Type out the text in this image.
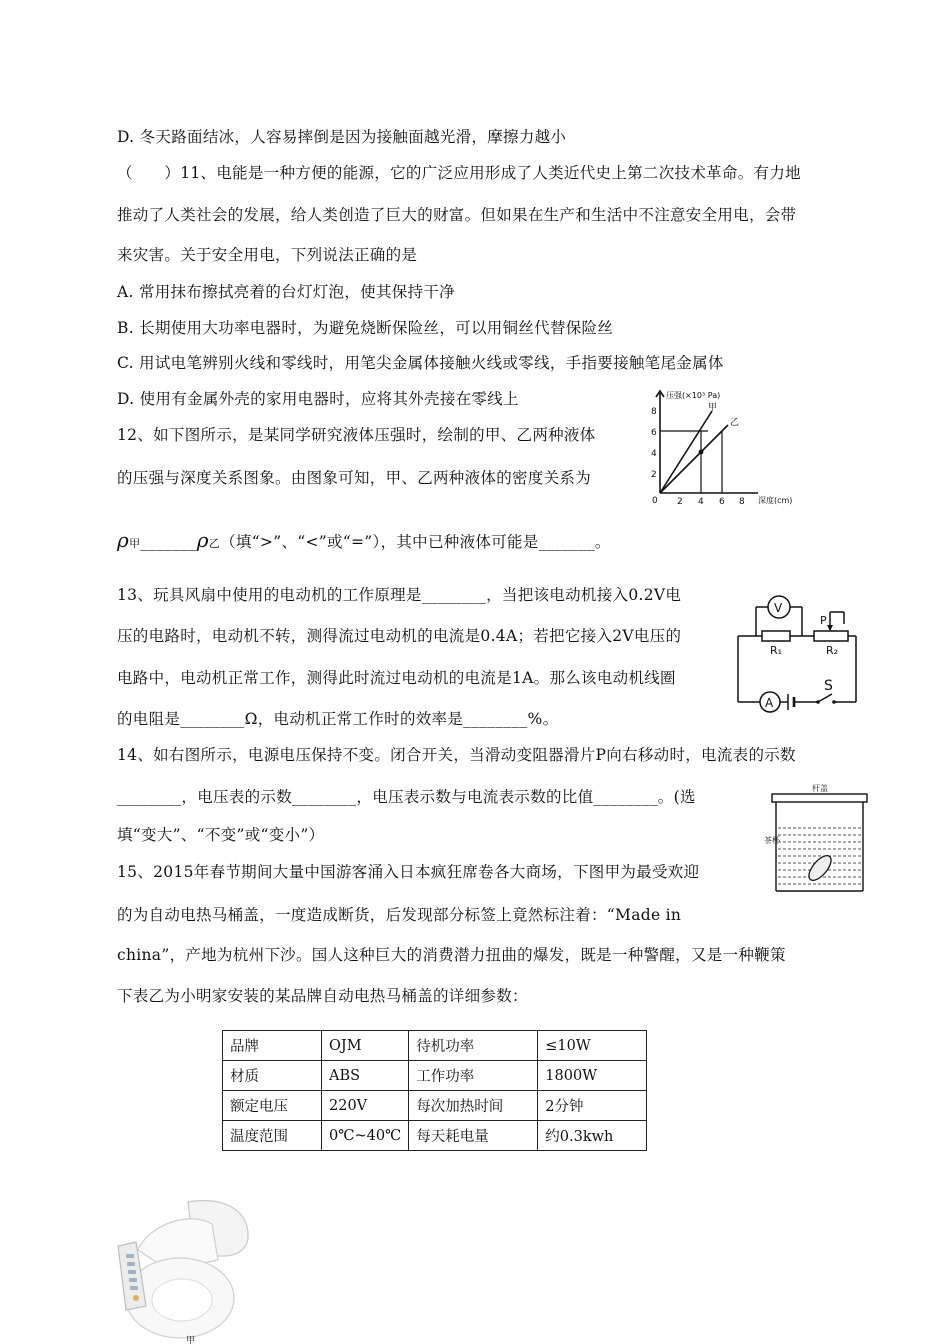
D. 冬天路面结冰，人容易摔倒是因为接触面越光滑，摩擦力越小
（　　）11、电能是一种方便的能源，它的广泛应用形成了人类近代史上第二次技术革命。有力地
推动了人类社会的发展，给人类创造了巨大的财富。但如果在生产和生活中不注意安全用电，会带
来灾害。关于安全用电，下列说法正确的是
A. 常用抹布擦拭亮着的台灯灯泡，使其保持干净
B. 长期使用大功率电器时，为避免烧断保险丝，可以用铜丝代替保险丝
C. 用试电笔辨别火线和零线时，用笔尖金属体接触火线或零线，手指要接触笔尾金属体
D. 使用有金属外壳的家用电器时，应将其外壳接在零线上
12、如下图所示，是某同学研究液体压强时，绘制的甲、乙两种液体
的压强与深度关系图象。由图象可知，甲、乙两种液体的密度关系为
ρ甲_______ρ乙（填“>”、“<”或“=”），其中已种液体可能是_______。
13、玩具风扇中使用的电动机的工作原理是________，当把该电动机接入0.2V电
压的电路时，电动机不转，测得流过电动机的电流是0.4A；若把它接入2V电压的
电路中，电动机正常工作，测得此时流过电动机的电流是1A。那么该电动机线圈
的电阻是________Ω，电动机正常工作时的效率是________%。
14、如右图所示，电源电压保持不变。闭合开关，当滑动变阻器滑片P向右移动时，电流表的示数
________，电压表的示数________，电压表示数与电流表示数的比值________。(选
填“变大”、“不变”或“变小”）
15、2015年春节期间大量中国游客涌入日本疯狂席卷各大商场，下图甲为最受欢迎
的为自动电热马桶盖，一度造成断货，后发现部分标签上竟然标注着：“Made in
china”，产地为杭州下沙。国人这种巨大的消费潜力扭曲的爆发，既是一种警醒，又是一种鞭策
下表乙为小明家安装的某品牌自动电热马桶盖的详细参数：
压强(×10³ Pa)
8
6
4
2
0 2 4 6 8 深度(cm)
甲
乙
V
A
R₁	R₂
P
S
杆盖
茶杯
品牌	OJM	待机功率	≤10W
材质	ABS	工作功率	1800W
额定电压	220V	每次加热时间	2分钟
温度范围	0℃~40℃	每天耗电量	约0.3kwh
甲
